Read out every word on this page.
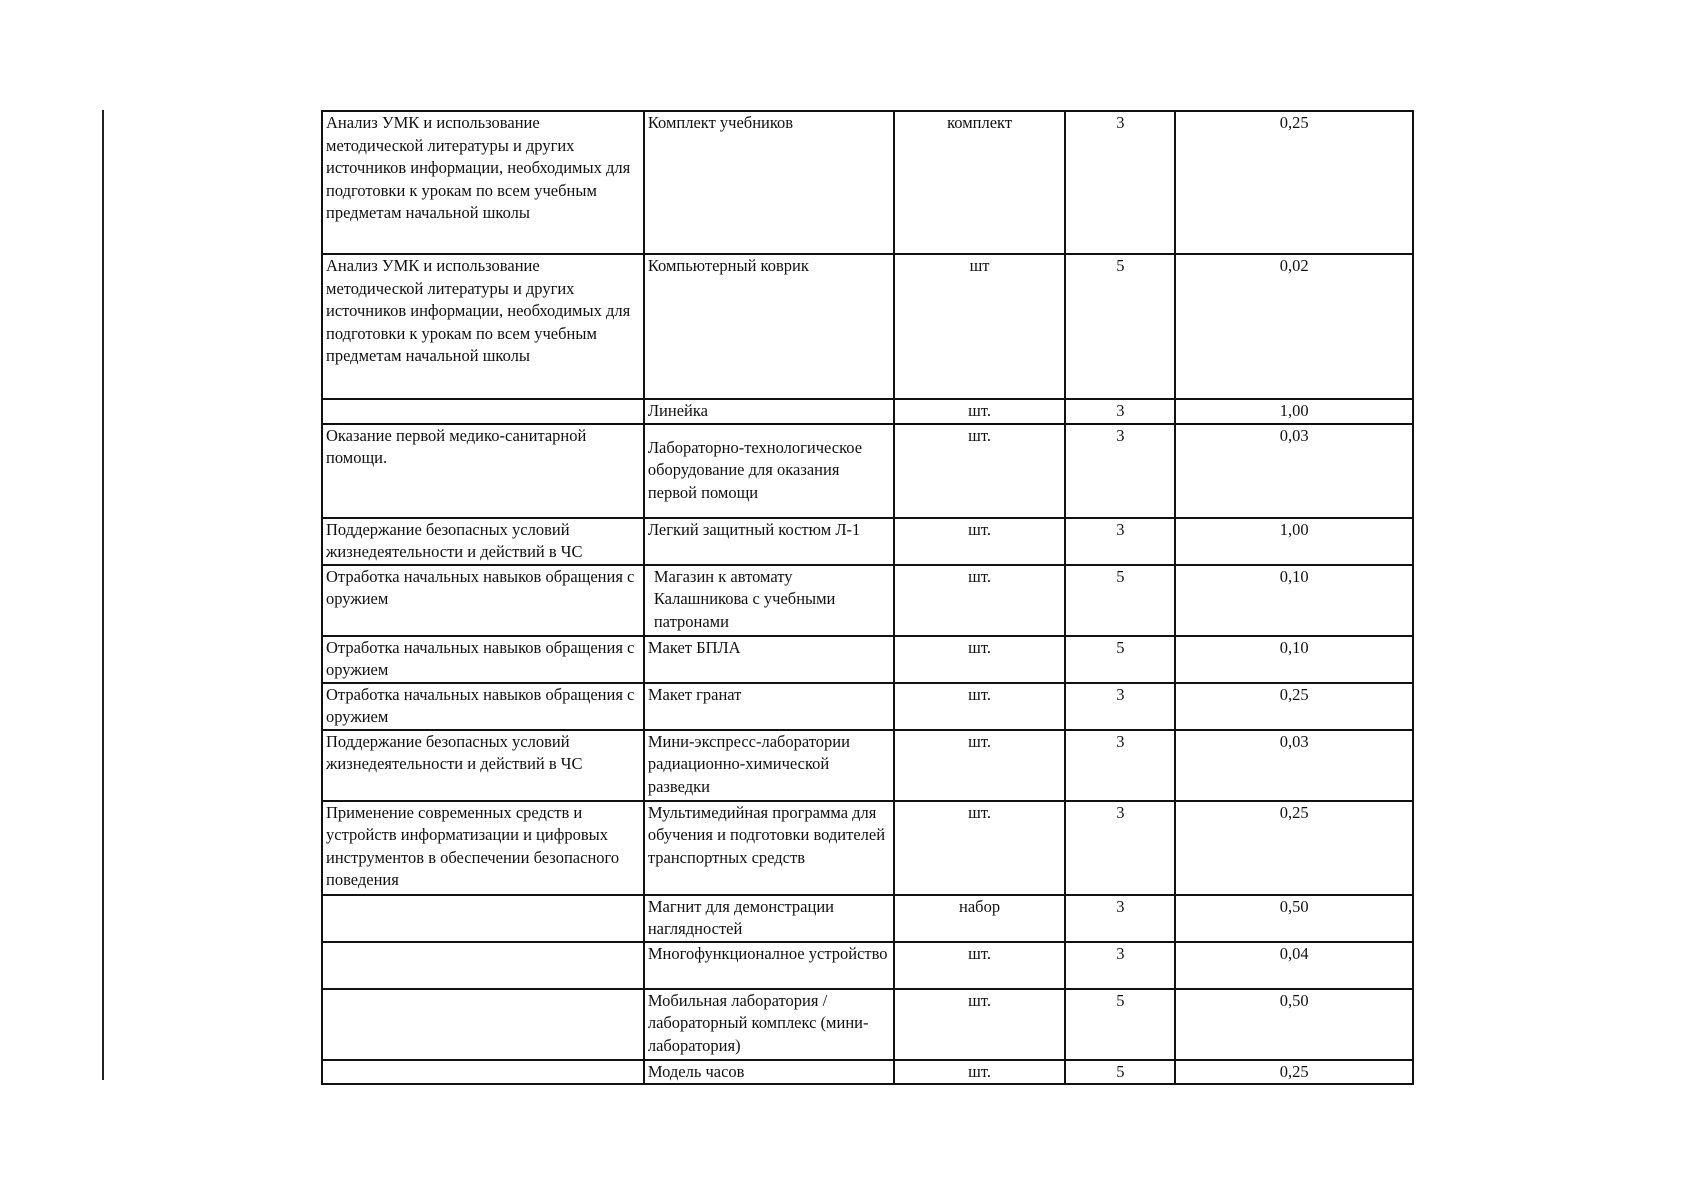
Анализ УМК и использование методической литературы и других источников информации, необходимых для подготовки к урокам по всем учебным предметам начальной школы	Комплект учебников	комплект	3	0,25

Анализ УМК и использование методической литературы и других источников информации, необходимых для подготовки к урокам по всем учебным предметам начальной школы	Компьютерный коврик	шт	5	0,02

	Линейка	шт.	3	1,00

Оказание первой медико-санитарной помощи.	Лабораторно-технологическое оборудование для оказания первой помощи	шт.	3	0,03

Поддержание безопасных условий жизнедеятельности и действий в ЧС	Легкий защитный костюм Л-1	шт.	3	1,00

Отработка начальных навыков обращения с оружием	Магазин к автомату Калашникова с учебными патронами	шт.	5	0,10

Отработка начальных навыков обращения с оружием	Макет БПЛА	шт.	5	0,10

Отработка начальных навыков обращения с оружием	Макет гранат	шт.	3	0,25

Поддержание безопасных условий жизнедеятельности и действий в ЧС	Мини-экспресс-лаборатории радиационно-химической разведки	шт.	3	0,03

Применение современных средств и устройств информатизации и цифровых инструментов в обеспечении безопасного поведения	Мультимедийная программа для обучения и подготовки водителей транспортных средств	шт.	3	0,25

	Магнит для демонстрации наглядностей	набор	3	0,50

	Многофункционалное устройство	шт.	3	0,04

	Мобильная лаборатория / лабораторный комплекс (мини-лаборатория)	шт.	5	0,50

	Модель часов	шт.	5	0,25
